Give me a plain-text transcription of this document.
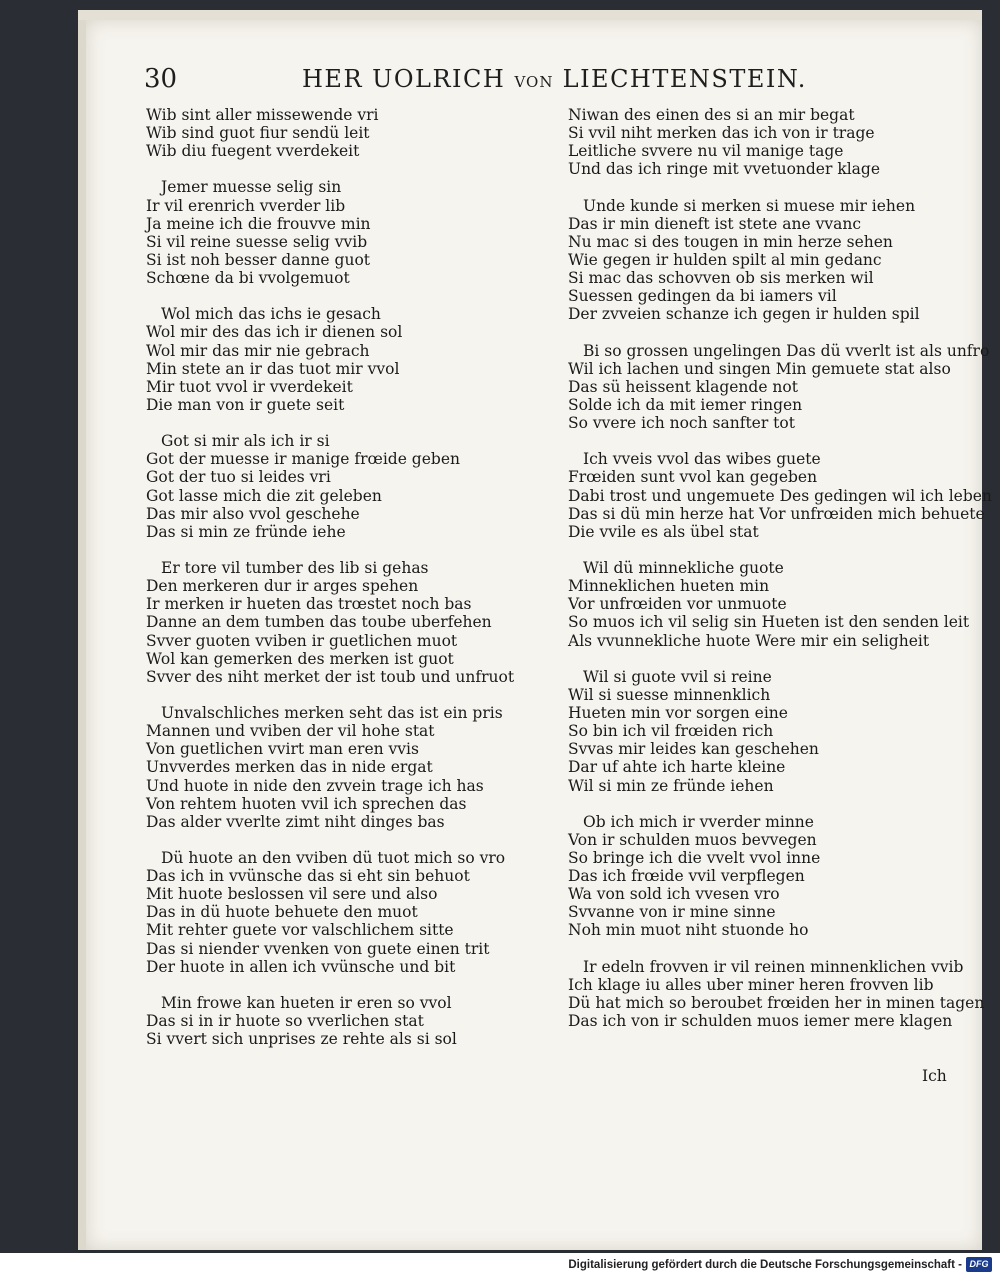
30	HER UOLRICH VON LIECHTENSTEIN.
Wib sint aller missewende vri
Wib sind guot fiur sendü leit
Wib diu fuegent vverdekeit
Jemer muesse selig sin
Ir vil erenrich vverder lib
Ja meine ich die frouvve min
Si vil reine suesse selig vvib
Si ist noh besser danne guot
Schœne da bi vvolgemuot
Wol mich das ichs ie gesach
Wol mir des das ich ir dienen sol
Wol mir das mir nie gebrach
Min stete an ir das tuot mir vvol
Mir tuot vvol ir vverdekeit
Die man von ir guete seit
Got si mir als ich ir si
Got der muesse ir manige frœide geben
Got der tuo si leides vri
Got lasse mich die zit geleben
Das mir also vvol geschehe
Das si min ze fründe iehe
Er tore vil tumber des lib si gehas
Den merkeren dur ir arges spehen
Ir merken ir hueten das trœstet noch bas
Danne an dem tumben das toube uberfehen
Svver guoten vviben ir guetlichen muot
Wol kan gemerken des merken ist guot
Svver des niht merket der ist toub und unfruot
Unvalschliches merken seht das ist ein pris
Mannen und vviben der vil hohe stat
Von guetlichen vvirt man eren vvis
Unvverdes merken das in nide ergat
Und huote in nide den zvvein trage ich has
Von rehtem huoten vvil ich sprechen das
Das alder vverlte zimt niht dinges bas
Dü huote an den vviben dü tuot mich so vro
Das ich in vvünsche das si eht sin behuot
Mit huote beslossen vil sere und also
Das in dü huote behuete den muot
Mit rehter guete vor valschlichem sitte
Das si niender vvenken von guete einen trit
Der huote in allen ich vvünsche und bit
Min frowe kan hueten ir eren so vvol
Das si in ir huote so vverlichen stat
Si vvert sich unprises ze rehte als si sol
Niwan des einen des si an mir begat
Si vvil niht merken das ich von ir trage
Leitliche svvere nu vil manige tage
Und das ich ringe mit vvetuonder klage
Unde kunde si merken si muese mir iehen
Das ir min dieneft ist stete ane vvanc
Nu mac si des tougen in min herze sehen
Wie gegen ir hulden spilt al min gedanc
Si mac das schovven ob sis merken wil
Suessen gedingen da bi iamers vil
Der zvveien schanze ich gegen ir hulden spil
Bi so grossen ungelingen Das dü vverlt ist als unfro
Wil ich lachen und singen Min gemuete stat also
Das sü heissent klagende not
Solde ich da mit iemer ringen
So vvere ich noch sanfter tot
Ich vveis vvol das wibes guete
Frœiden sunt vvol kan gegeben
Dabi trost und ungemuete Des gedingen wil ich leben
Das si dü min herze hat Vor unfrœiden mich behuete
Die vvile es als übel stat
Wil dü minnekliche guote
Minneklichen hueten min
Vor unfrœiden vor unmuote
So muos ich vil selig sin Hueten ist den senden leit
Als vvunnekliche huote Were mir ein seligheit
Wil si guote vvil si reine
Wil si suesse minnenklich
Hueten min vor sorgen eine
So bin ich vil frœiden rich
Svvas mir leides kan geschehen
Dar uf ahte ich harte kleine
Wil si min ze fründe iehen
Ob ich mich ir vverder minne
Von ir schulden muos bevvegen
So bringe ich die vvelt vvol inne
Das ich frœide vvil verpflegen
Wa von sold ich vvesen vro
Svvanne von ir mine sinne
Noh min muot niht stuonde ho
Ir edeln frovven ir vil reinen minnenklichen vvib
Ich klage iu alles uber miner heren frovven lib
Dü hat mich so beroubet frœiden her in minen tagen
Das ich von ir schulden muos iemer mere klagen
Ich
Digitalisierung gefördert durch die Deutsche Forschungsgemeinschaft - DFG
